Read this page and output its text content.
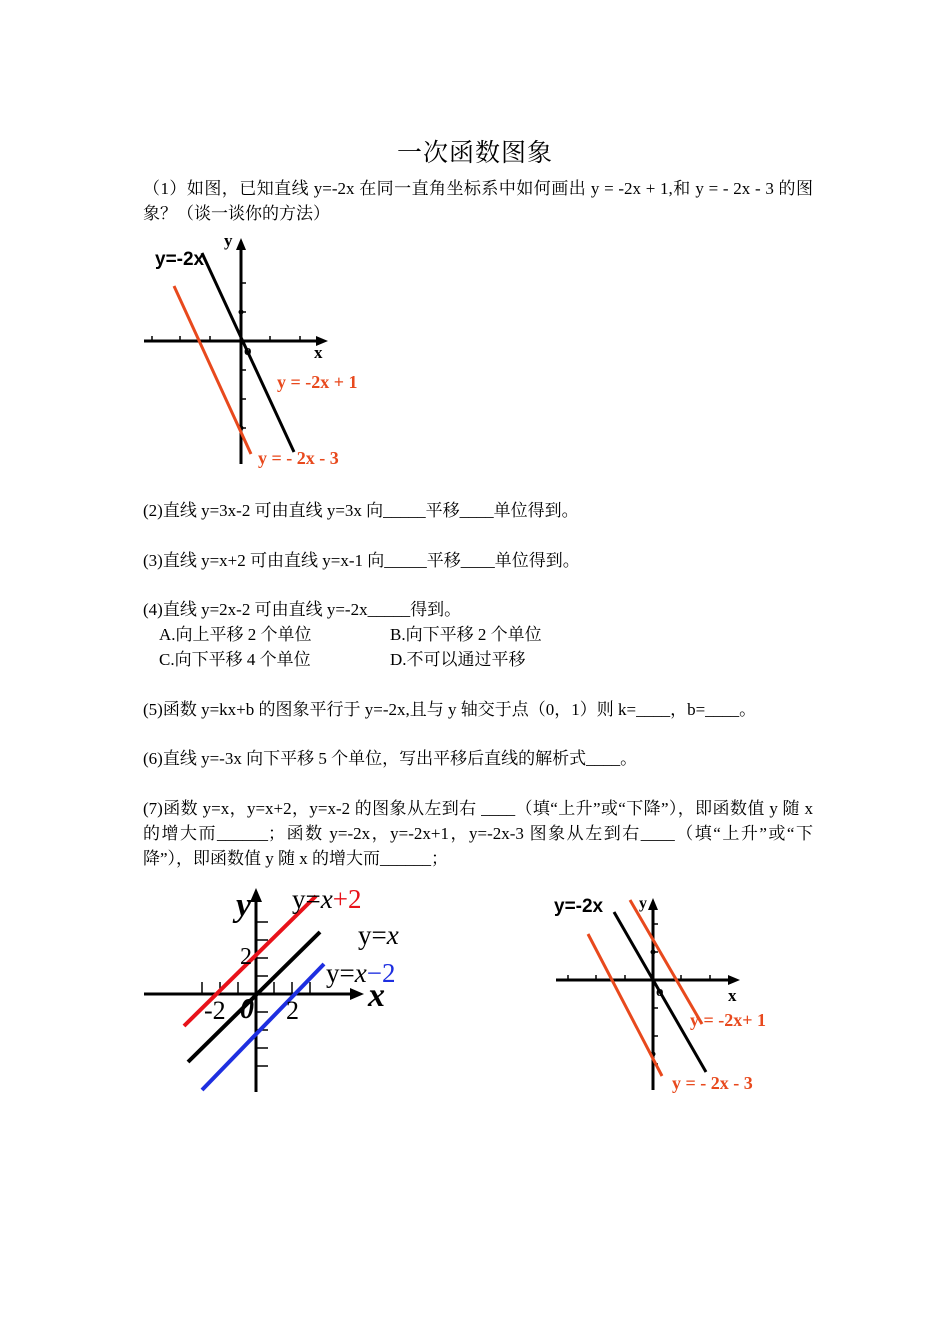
一次函数图象
（1）如图，已知直线 y=-2x 在同一直角坐标系中如何画出 y = -2x + 1,和 y = - 2x - 3 的图象？（谈一谈你的方法）
y=-2x
y
x
o
y = -2x + 1
y = - 2x - 3
(2)直线 y=3x-2 可由直线 y=3x 向_____平移____单位得到。
(3)直线 y=x+2 可由直线 y=x-1 向_____平移____单位得到。
(4)直线 y=2x-2 可由直线 y=-2x_____得到。
A.向上平移 2 个单位	B.向下平移 2 个单位
C.向下平移 4 个单位	D.不可以通过平移
(5)函数 y=kx+b 的图象平行于 y=-2x,且与 y 轴交于点（0，1）则 k=____，b=____。
(6)直线 y=-3x 向下平移 5 个单位，写出平移后直线的解析式____。
(7)函数 y=x，y=x+2，y=x-2 的图象从左到右 ____（填“上升”或“下降”），即函数值 y 随 x 的增大而______；函数 y=-2x，y=-2x+1，y=-2x-3 图象从左到右____（填“上升”或“下降”），即函数值 y 随 x 的增大而______；
y
x
0
-2 2
2
y=x+2
y=x
y=x−2
y=-2x y
x
o
y = -2x+ 1
y = - 2x - 3
